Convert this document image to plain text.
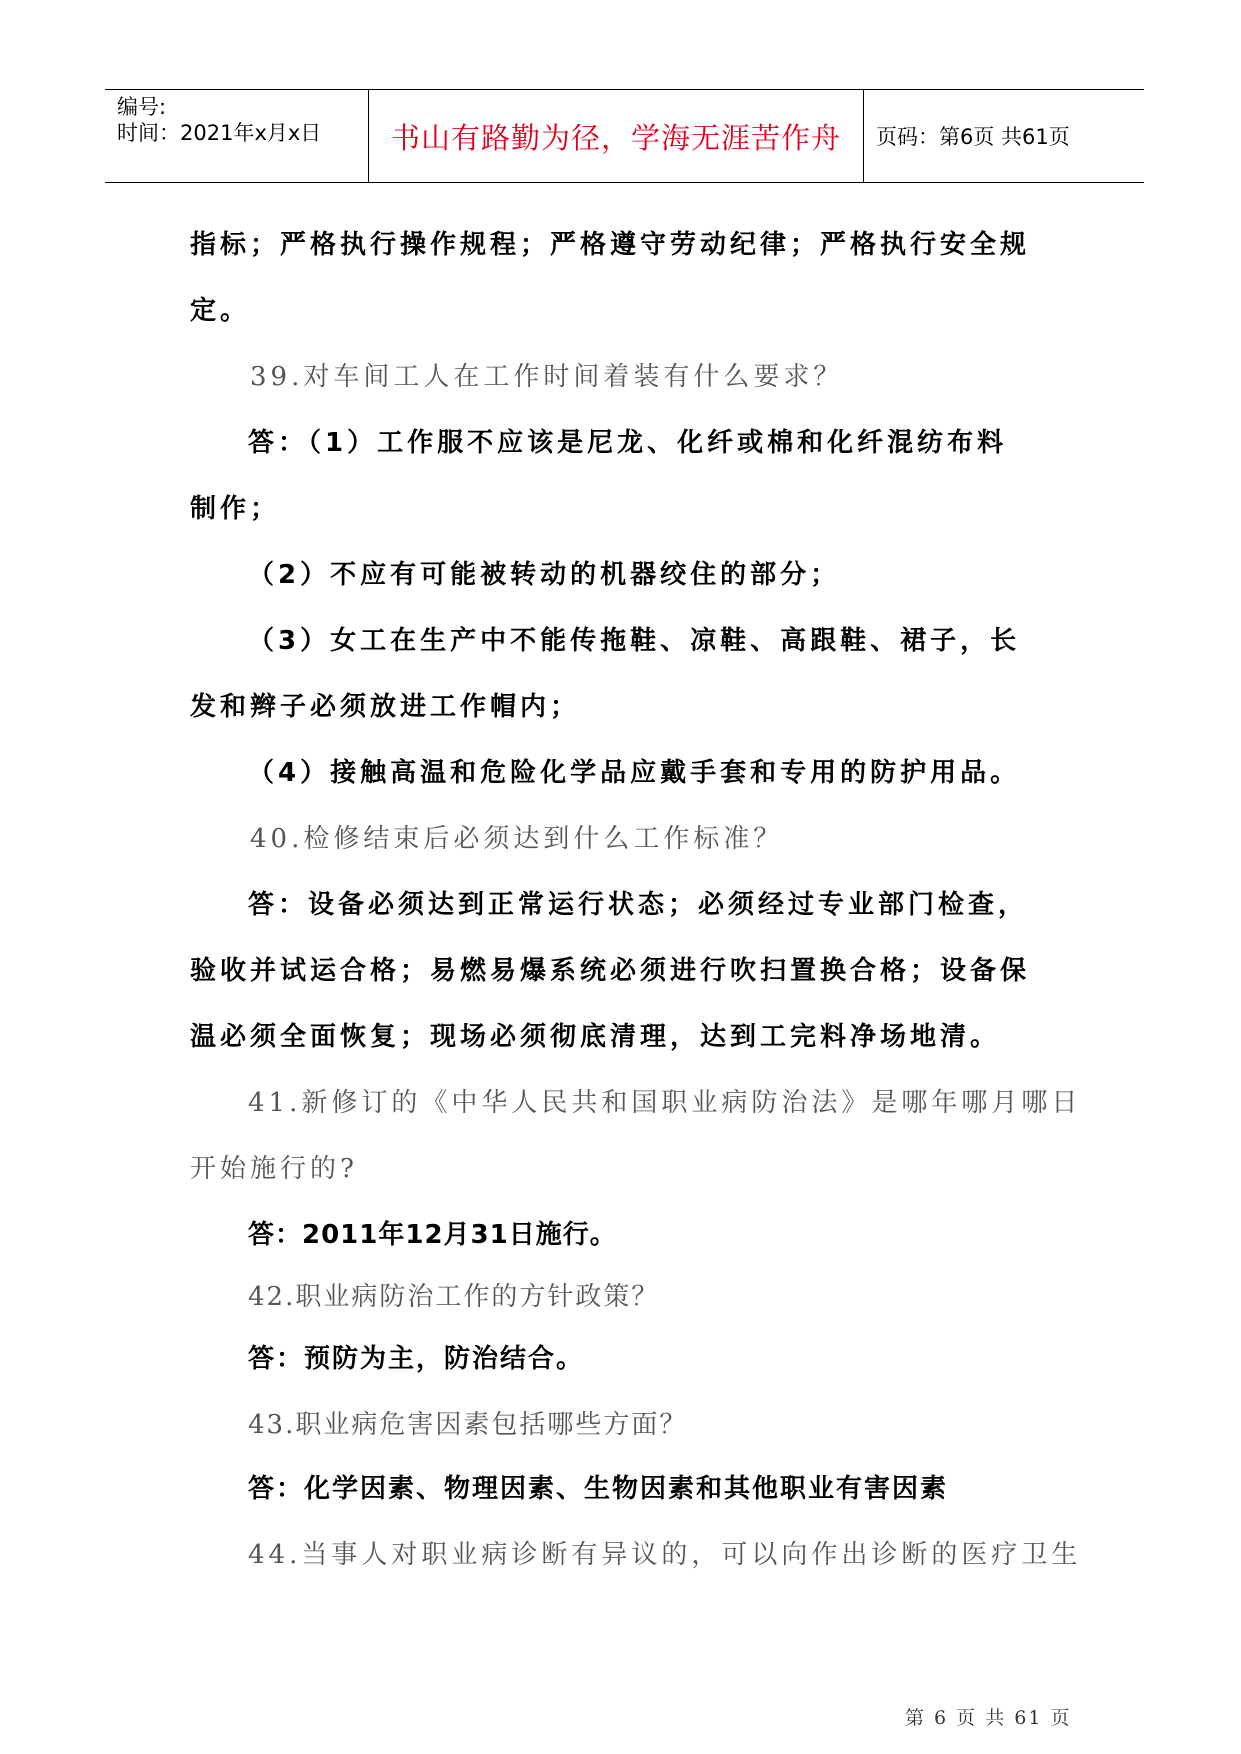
编号:
时间：2021年x月x日 书山有路勤为径，学海无涯苦作舟	页码：第6页 共61页
指标；严格执行操作规程；严格遵守劳动纪律；严格执行安全规
定。
39.对车间工人在工作时间着装有什么要求？
答：（1）工作服不应该是尼龙、化纤或棉和化纤混纺布料
制作；
（2）不应有可能被转动的机器绞住的部分；
（3）女工在生产中不能传拖鞋、凉鞋、高跟鞋、裙子，长
发和辫子必须放进工作帽内；
（4）接触高温和危险化学品应戴手套和专用的防护用品。
40.检修结束后必须达到什么工作标准？
答：设备必须达到正常运行状态；必须经过专业部门检查，
验收并试运合格；易燃易爆系统必须进行吹扫置换合格；设备保
温必须全面恢复；现场必须彻底清理，达到工完料净场地清。
41.新修订的《中华人民共和国职业病防治法》是哪年哪月哪日
开始施行的?
答：2011年12月31日施行。
42.职业病防治工作的方针政策？
答：预防为主，防治结合。
43.职业病危害因素包括哪些方面？
答：化学因素、物理因素、生物因素和其他职业有害因素
44.当事人对职业病诊断有异议的，可以向作出诊断的医疗卫生
第 6 页 共 61 页
